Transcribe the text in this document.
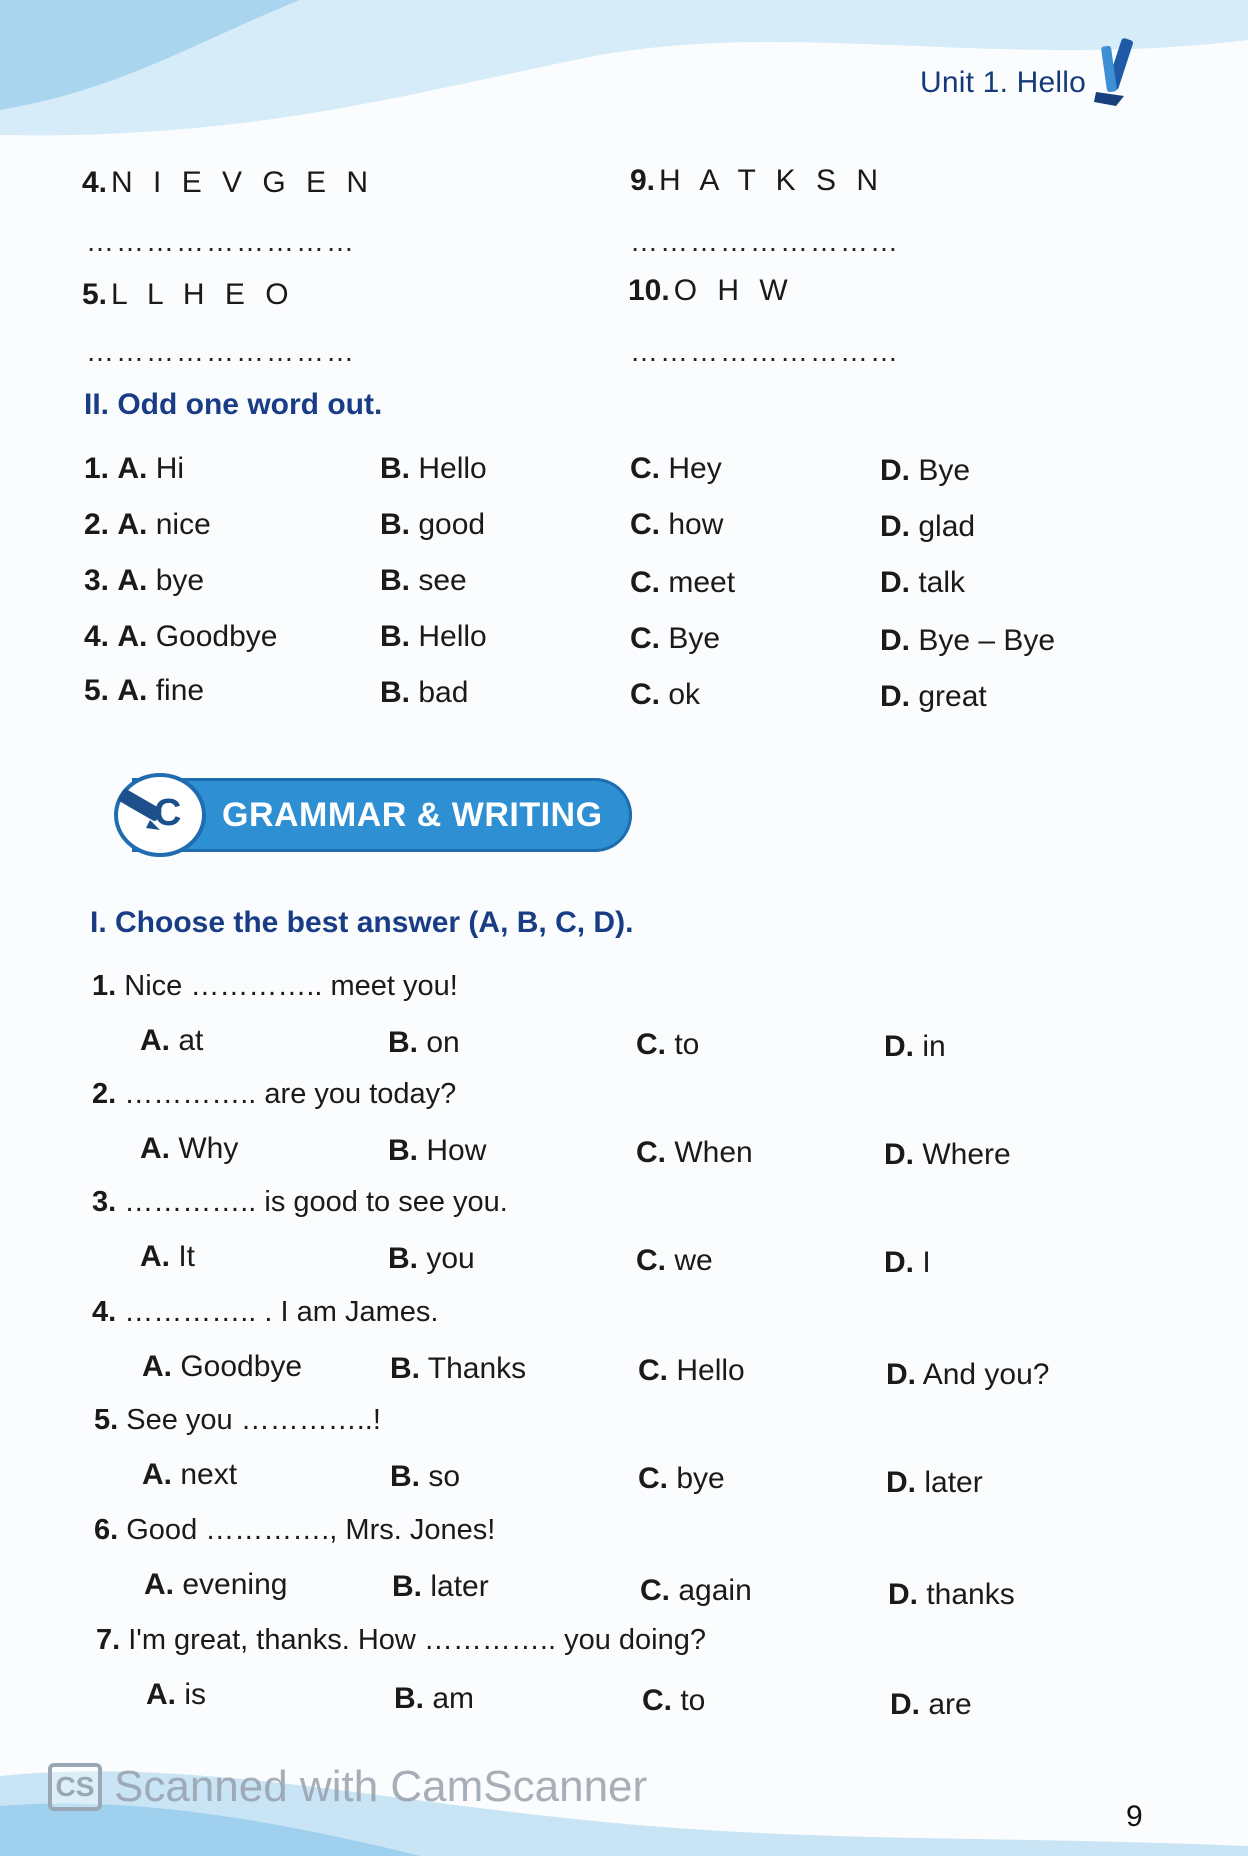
Unit 1. Hello
4. N I E V G E N
………………………
9. H A T K S N
………………………
5. L L H E O
………………………
10. O H W
………………………
II. Odd one word out.
1. A. Hi	B. Hello	C. Hey	D. Bye
2. A. nice	B. good	C. how	D. glad
3. A. bye	B. see	C. meet	D. talk
4. A. Goodbye	B. Hello	C. Bye	D. Bye – Bye
5. A. fine	B. bad	C. ok	D. great
C GRAMMAR & WRITING
I. Choose the best answer (A, B, C, D).
1. Nice ………….. meet you!
A. at	B. on	C. to	D. in
2. ………….. are you today?
A. Why	B. How	C. When	D. Where
3. ………….. is good to see you.
A. It	B. you	C. we	D. I
4. ………….. . I am James.
A. Goodbye	B. Thanks	C. Hello	D. And you?
5. See you …………..!
A. next	B. so	C. bye	D. later
6. Good …………., Mrs. Jones!
A. evening	B. later	C. again	D. thanks
7. I'm great, thanks. How ………….. you doing?
A. is	B. am	C. to	D. are
CS Scanned with CamScanner
9
